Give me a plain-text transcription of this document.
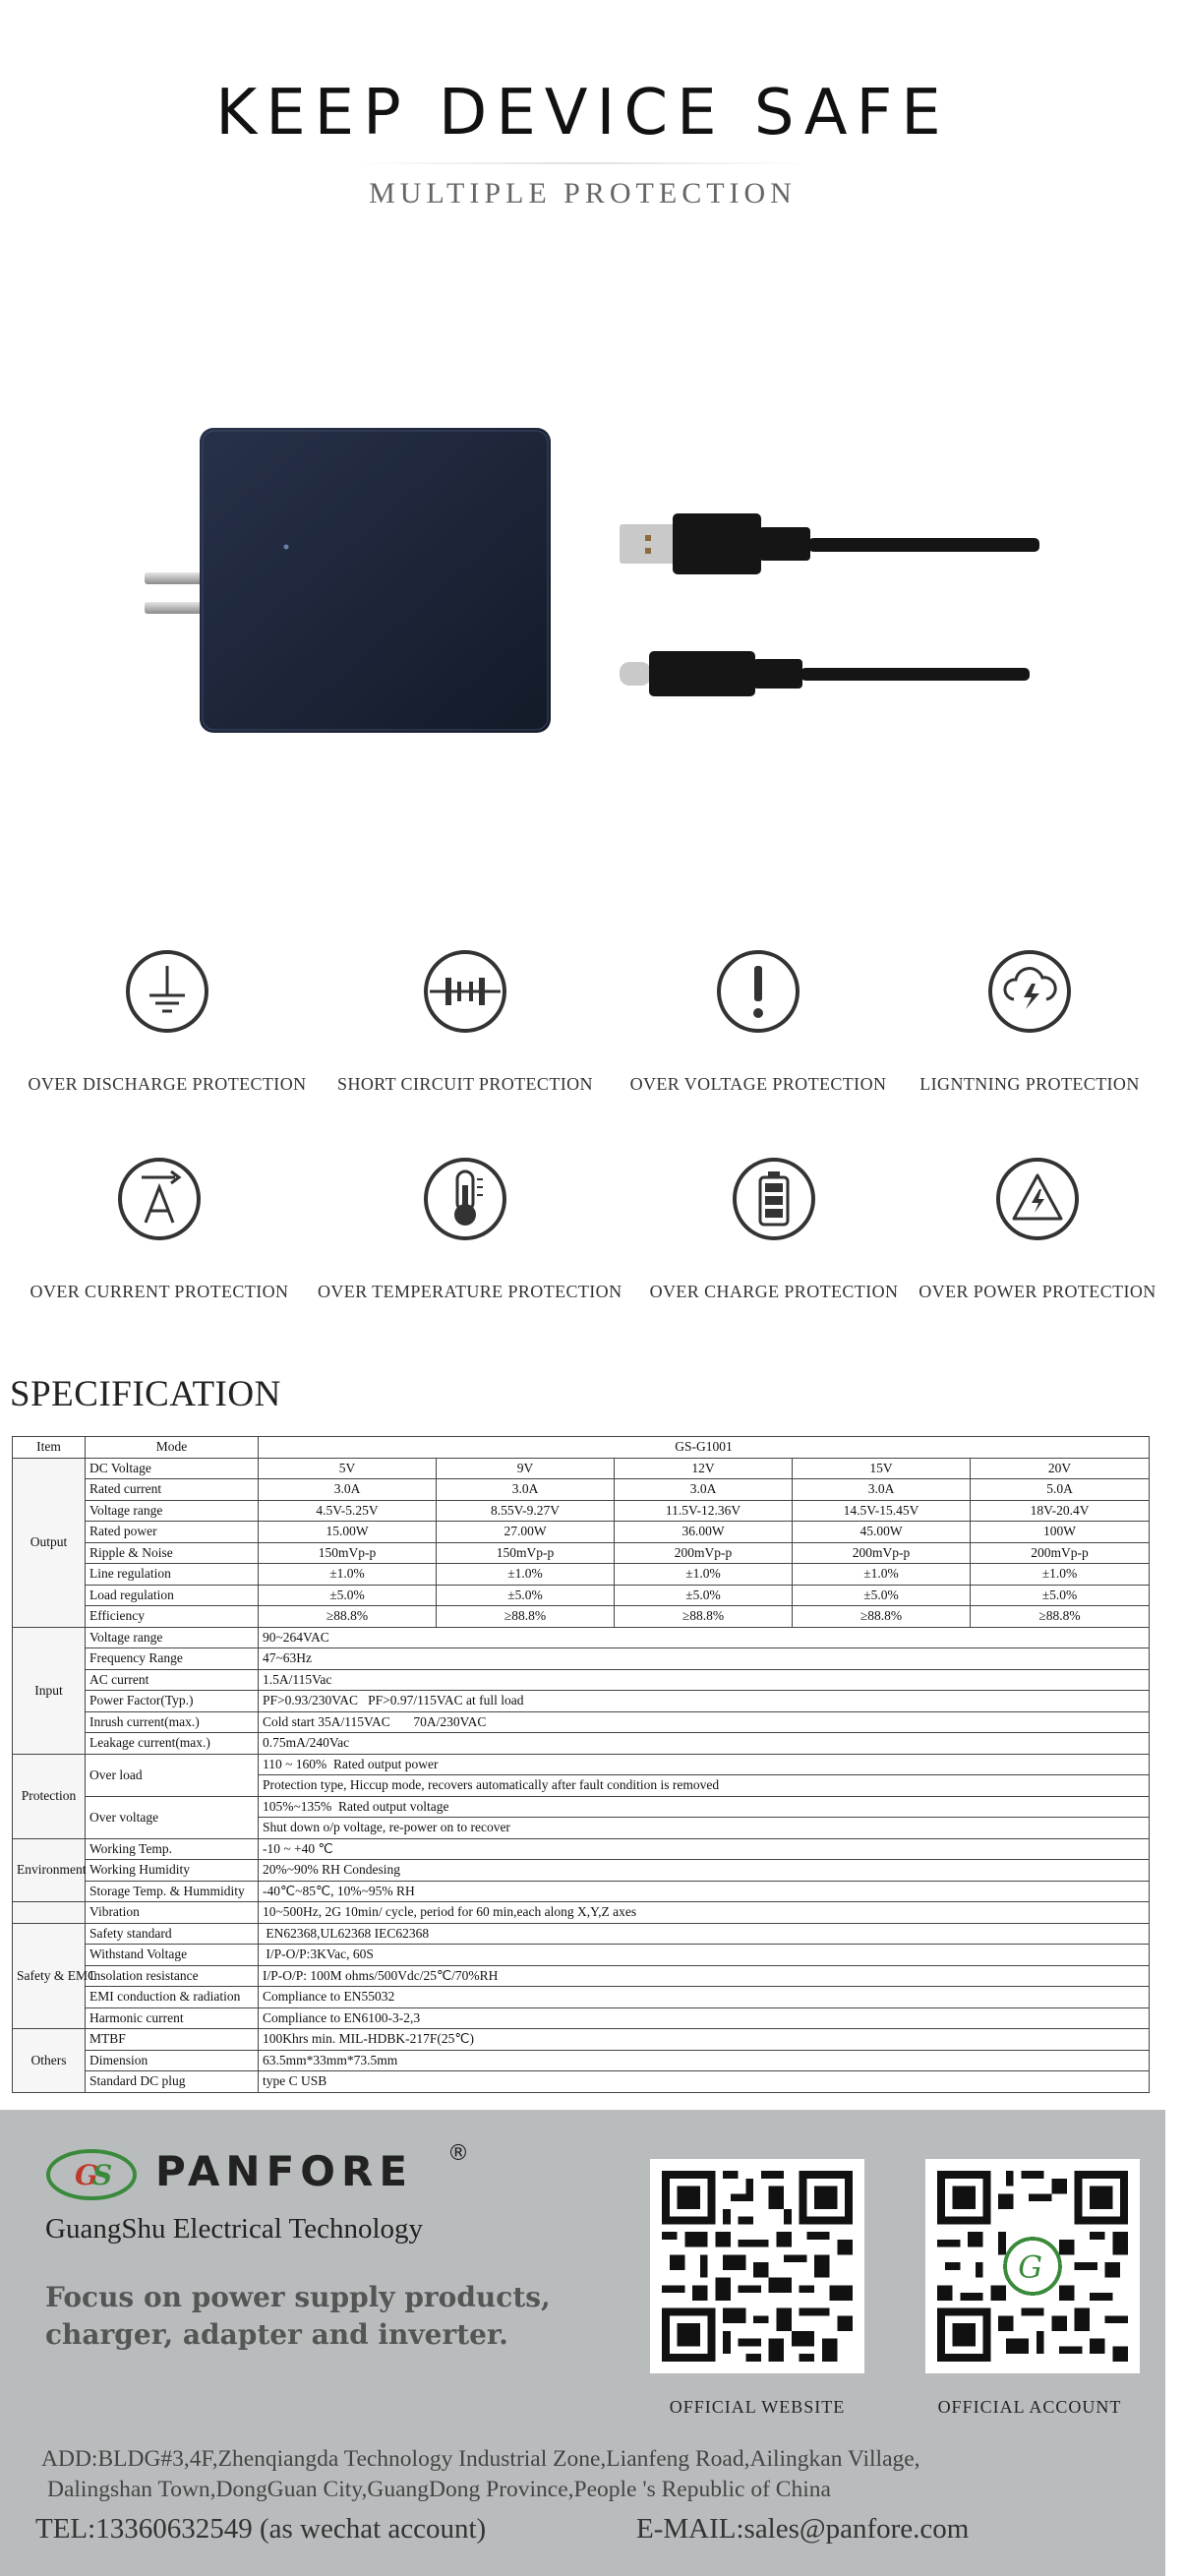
KEEP DEVICE SAFE
MULTIPLE PROTECTION
OVER DISCHARGE PROTECTION	SHORT CIRCUIT PROTECTION	OVER VOLTAGE PROTECTION	LIGNTNING PROTECTION
OVER CURRENT PROTECTION	OVER TEMPERATURE PROTECTION	OVER CHARGE PROTECTION	OVER POWER PROTECTION
SPECIFICATION
Item	Mode	GS-G1001				
Output	DC Voltage	5V	9V	12V	15V	20V
	Rated current	3.0A	3.0A	3.0A	3.0A	5.0A
	Voltage range	4.5V-5.25V	8.55V-9.27V	11.5V-12.36V	14.5V-15.45V	18V-20.4V
	Rated power	15.00W	27.00W	36.00W	45.00W	100W
	Ripple & Noise	150mVp-p	150mVp-p	200mVp-p	200mVp-p	200mVp-p
	Line regulation	±1.0%	±1.0%	±1.0%	±1.0%	±1.0%
	Load regulation	±5.0%	±5.0%	±5.0%	±5.0%	±5.0%
	Efficiency	≥88.8%	≥88.8%	≥88.8%	≥88.8%	≥88.8%
Input	Voltage range	90~264VAC				
	Frequency Range	47~63Hz				
	AC current	1.5A/115Vac				
	Power Factor(Typ.)	PF>0.93/230VAC   PF>0.97/115VAC at full load				
	Inrush current(max.)	Cold start 35A/115VAC       70A/230VAC				
	Leakage current(max.)	0.75mA/240Vac				
Protection	Over load	110 ~ 160%  Rated output power				
		Protection type, Hiccup mode, recovers automatically after fault condition is removed				
	Over voltage	105%~135%  Rated output voltage				
		Shut down o/p voltage, re-power on to recover				
Environment	Working Temp.	-10 ~ +40 ℃				
	Working Humidity	20%~90% RH Condesing				
	Storage Temp. & Hummidity	-40℃~85℃, 10%~95% RH				
	Vibration	10~500Hz, 2G 10min/ cycle, period for 60 min,each along X,Y,Z axes				
Safety & EMC	Safety standard	EN62368,UL62368 IEC62368				
	Withstand Voltage	I/P-O/P:3KVac, 60S				
	Insolation resistance	I/P-O/P: 100M ohms/500Vdc/25℃/70%RH				
	EMI conduction & radiation	Compliance to EN55032				
	Harmonic current	Compliance to EN6100-3-2,3				
Others	MTBF	100Khrs min. MIL-HDBK-217F(25℃)				
	Dimension	63.5mm*33mm*73.5mm				
	Standard DC plug	type C USB				
G
S PANFORE ®
GuangShu Electrical Technology
Focus on power supply products,
charger, adapter and inverter.
OFFICIAL WEBSITE
G
OFFICIAL ACCOUNT
ADD:BLDG#3,4F,Zhenqiangda Technology Industrial Zone,Lianfeng Road,Ailingkan Village,
Dalingshan Town,DongGuan City,GuangDong Province,People 's Republic of China
TEL:13360632549 (as wechat account)	E-MAIL:sales@panfore.com
